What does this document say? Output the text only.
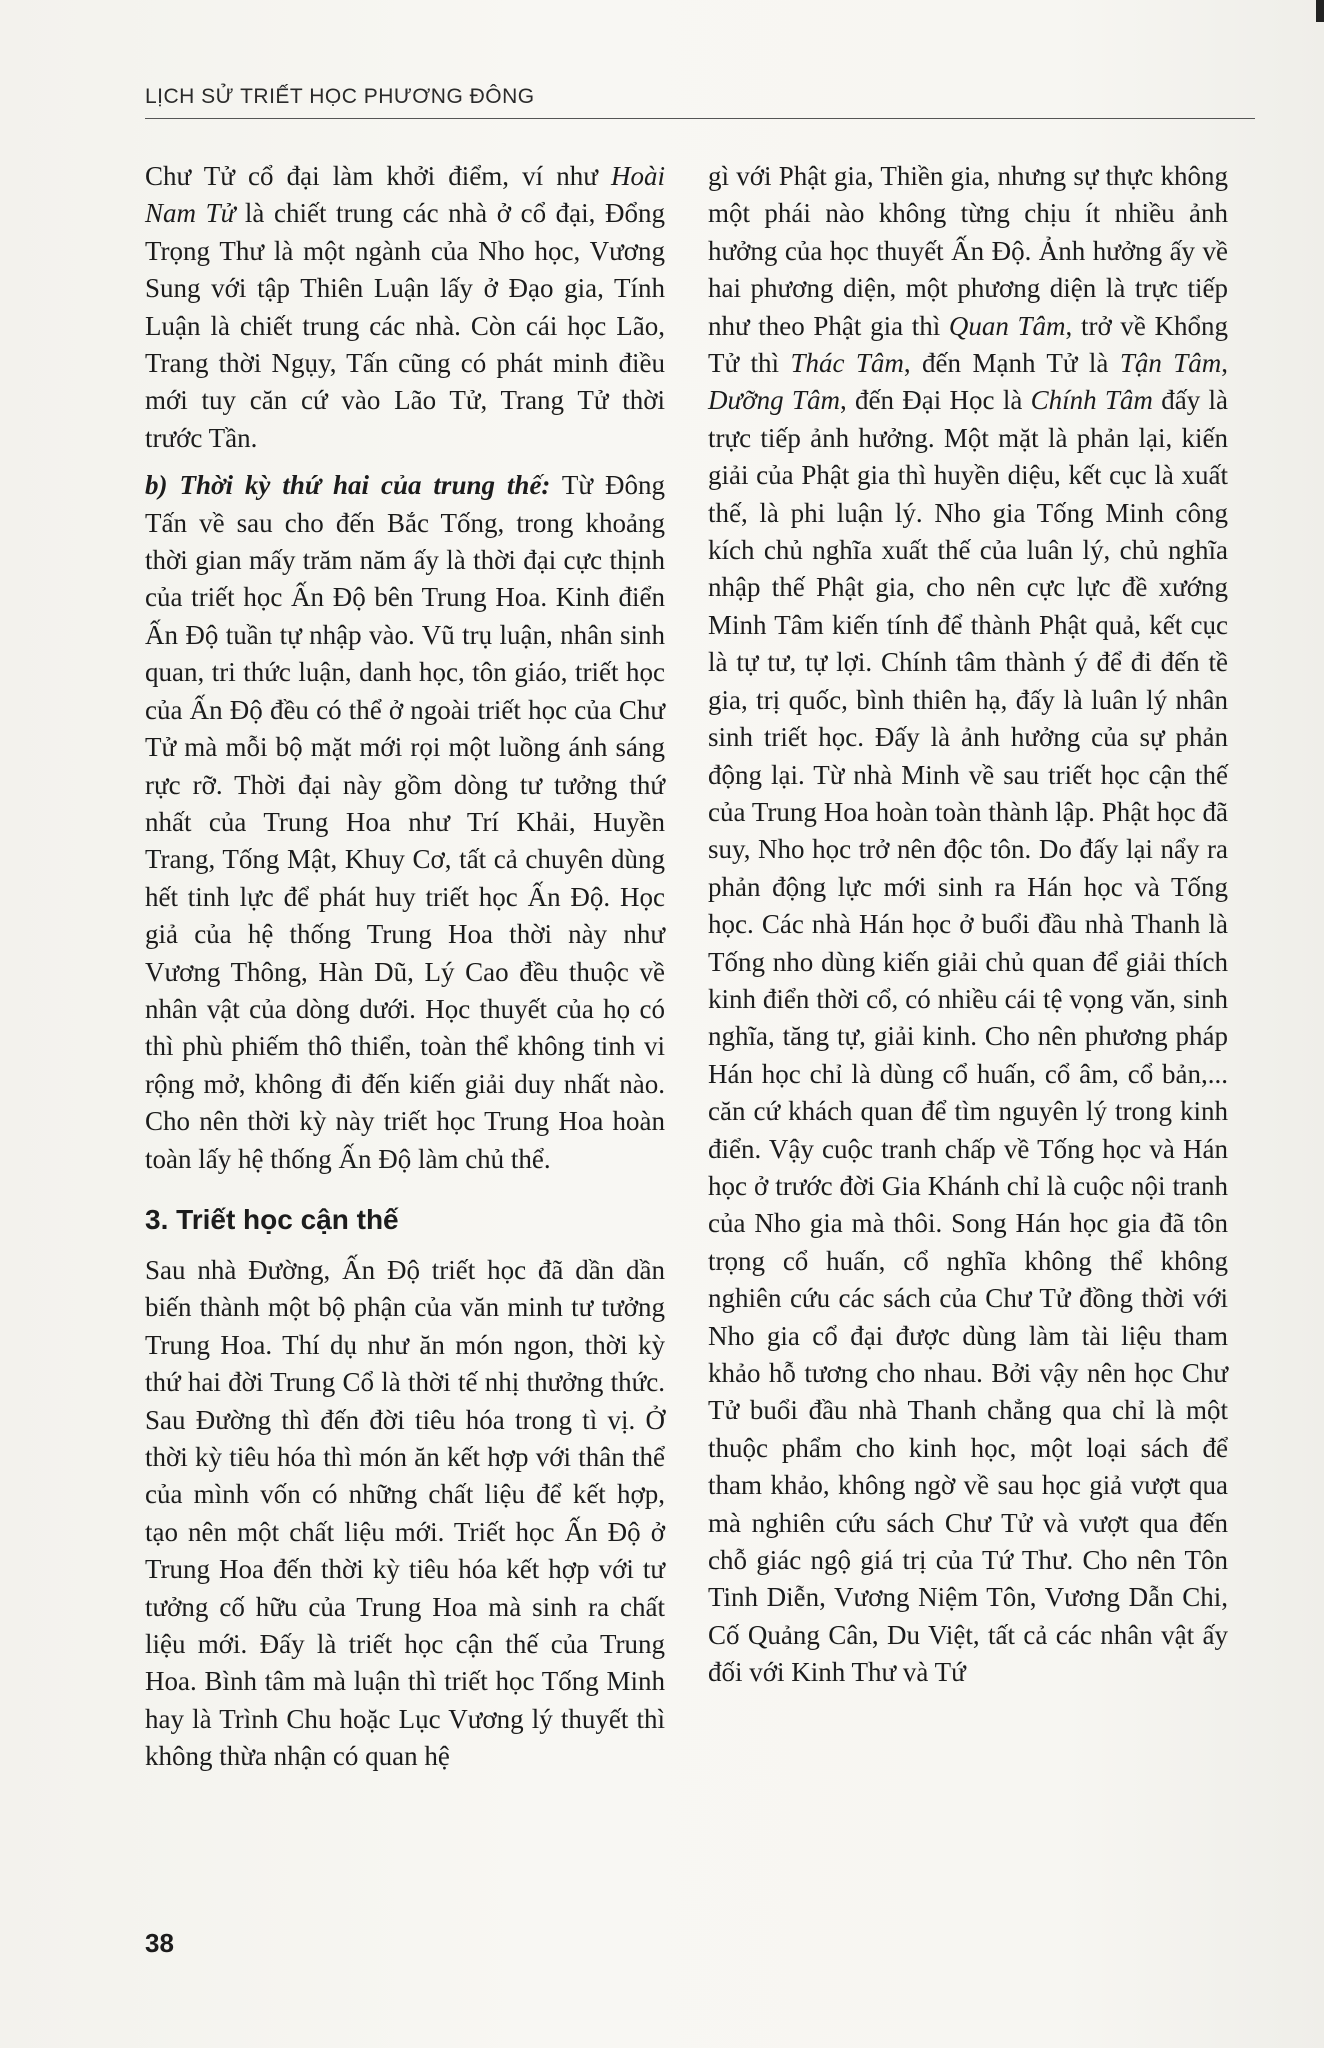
LỊCH SỬ TRIẾT HỌC PHƯƠNG ĐÔNG

Chư Tử cổ đại làm khởi điểm, ví như Hoài Nam Tử là chiết trung các nhà ở cổ đại, Đổng Trọng Thư là một ngành của Nho học, Vương Sung với tập Thiên Luận lấy ở Đạo gia, Tính Luận là chiết trung các nhà. Còn cái học Lão, Trang thời Ngụy, Tấn cũng có phát minh điều mới tuy căn cứ vào Lão Tử, Trang Tử thời trước Tần.

b) Thời kỳ thứ hai của trung thế: Từ Đông Tấn về sau cho đến Bắc Tống, trong khoảng thời gian mấy trăm năm ấy là thời đại cực thịnh của triết học Ấn Độ bên Trung Hoa. Kinh điển Ấn Độ tuần tự nhập vào. Vũ trụ luận, nhân sinh quan, tri thức luận, danh học, tôn giáo, triết học của Ấn Độ đều có thể ở ngoài triết học của Chư Tử mà mỗi bộ mặt mới rọi một luồng ánh sáng rực rỡ. Thời đại này gồm dòng tư tưởng thứ nhất của Trung Hoa như Trí Khải, Huyền Trang, Tống Mật, Khuy Cơ, tất cả chuyên dùng hết tinh lực để phát huy triết học Ấn Độ. Học giả của hệ thống Trung Hoa thời này như Vương Thông, Hàn Dũ, Lý Cao đều thuộc về nhân vật của dòng dưới. Học thuyết của họ có thì phù phiếm thô thiển, toàn thể không tinh vi rộng mở, không đi đến kiến giải duy nhất nào. Cho nên thời kỳ này triết học Trung Hoa hoàn toàn lấy hệ thống Ấn Độ làm chủ thể.

3. Triết học cận thế

Sau nhà Đường, Ấn Độ triết học đã dần dần biến thành một bộ phận của văn minh tư tưởng Trung Hoa. Thí dụ như ăn món ngon, thời kỳ thứ hai đời Trung Cổ là thời tế nhị thưởng thức. Sau Đường thì đến đời tiêu hóa trong tì vị. Ở thời kỳ tiêu hóa thì món ăn kết hợp với thân thể của mình vốn có những chất liệu để kết hợp, tạo nên một chất liệu mới. Triết học Ấn Độ ở Trung Hoa đến thời kỳ tiêu hóa kết hợp với tư tưởng cố hữu của Trung Hoa mà sinh ra chất liệu mới. Đấy là triết học cận thế của Trung Hoa. Bình tâm mà luận thì triết học Tống Minh hay là Trình Chu hoặc Lục Vương lý thuyết thì không thừa nhận có quan hệ

gì với Phật gia, Thiền gia, nhưng sự thực không một phái nào không từng chịu ít nhiều ảnh hưởng của học thuyết Ấn Độ. Ảnh hưởng ấy về hai phương diện, một phương diện là trực tiếp như theo Phật gia thì Quan Tâm, trở về Khổng Tử thì Thác Tâm, đến Mạnh Tử là Tận Tâm, Dưỡng Tâm, đến Đại Học là Chính Tâm đấy là trực tiếp ảnh hưởng. Một mặt là phản lại, kiến giải của Phật gia thì huyền diệu, kết cục là xuất thế, là phi luận lý. Nho gia Tống Minh công kích chủ nghĩa xuất thế của luân lý, chủ nghĩa nhập thế Phật gia, cho nên cực lực đề xướng Minh Tâm kiến tính để thành Phật quả, kết cục là tự tư, tự lợi. Chính tâm thành ý để đi đến tề gia, trị quốc, bình thiên hạ, đấy là luân lý nhân sinh triết học. Đấy là ảnh hưởng của sự phản động lại. Từ nhà Minh về sau triết học cận thế của Trung Hoa hoàn toàn thành lập. Phật học đã suy, Nho học trở nên độc tôn. Do đấy lại nẩy ra phản động lực mới sinh ra Hán học và Tống học. Các nhà Hán học ở buổi đầu nhà Thanh là Tống nho dùng kiến giải chủ quan để giải thích kinh điển thời cổ, có nhiều cái tệ vọng văn, sinh nghĩa, tăng tự, giải kinh. Cho nên phương pháp Hán học chỉ là dùng cổ huấn, cổ âm, cổ bản,... căn cứ khách quan để tìm nguyên lý trong kinh điển. Vậy cuộc tranh chấp về Tống học và Hán học ở trước đời Gia Khánh chỉ là cuộc nội tranh của Nho gia mà thôi. Song Hán học gia đã tôn trọng cổ huấn, cổ nghĩa không thể không nghiên cứu các sách của Chư Tử đồng thời với Nho gia cổ đại được dùng làm tài liệu tham khảo hỗ tương cho nhau. Bởi vậy nên học Chư Tử buổi đầu nhà Thanh chẳng qua chỉ là một thuộc phẩm cho kinh học, một loại sách để tham khảo, không ngờ về sau học giả vượt qua mà nghiên cứu sách Chư Tử và vượt qua đến chỗ giác ngộ giá trị của Tứ Thư. Cho nên Tôn Tinh Diễn, Vương Niệm Tôn, Vương Dẫn Chi, Cố Quảng Cân, Du Việt, tất cả các nhân vật ấy đối với Kinh Thư và Tứ

38
